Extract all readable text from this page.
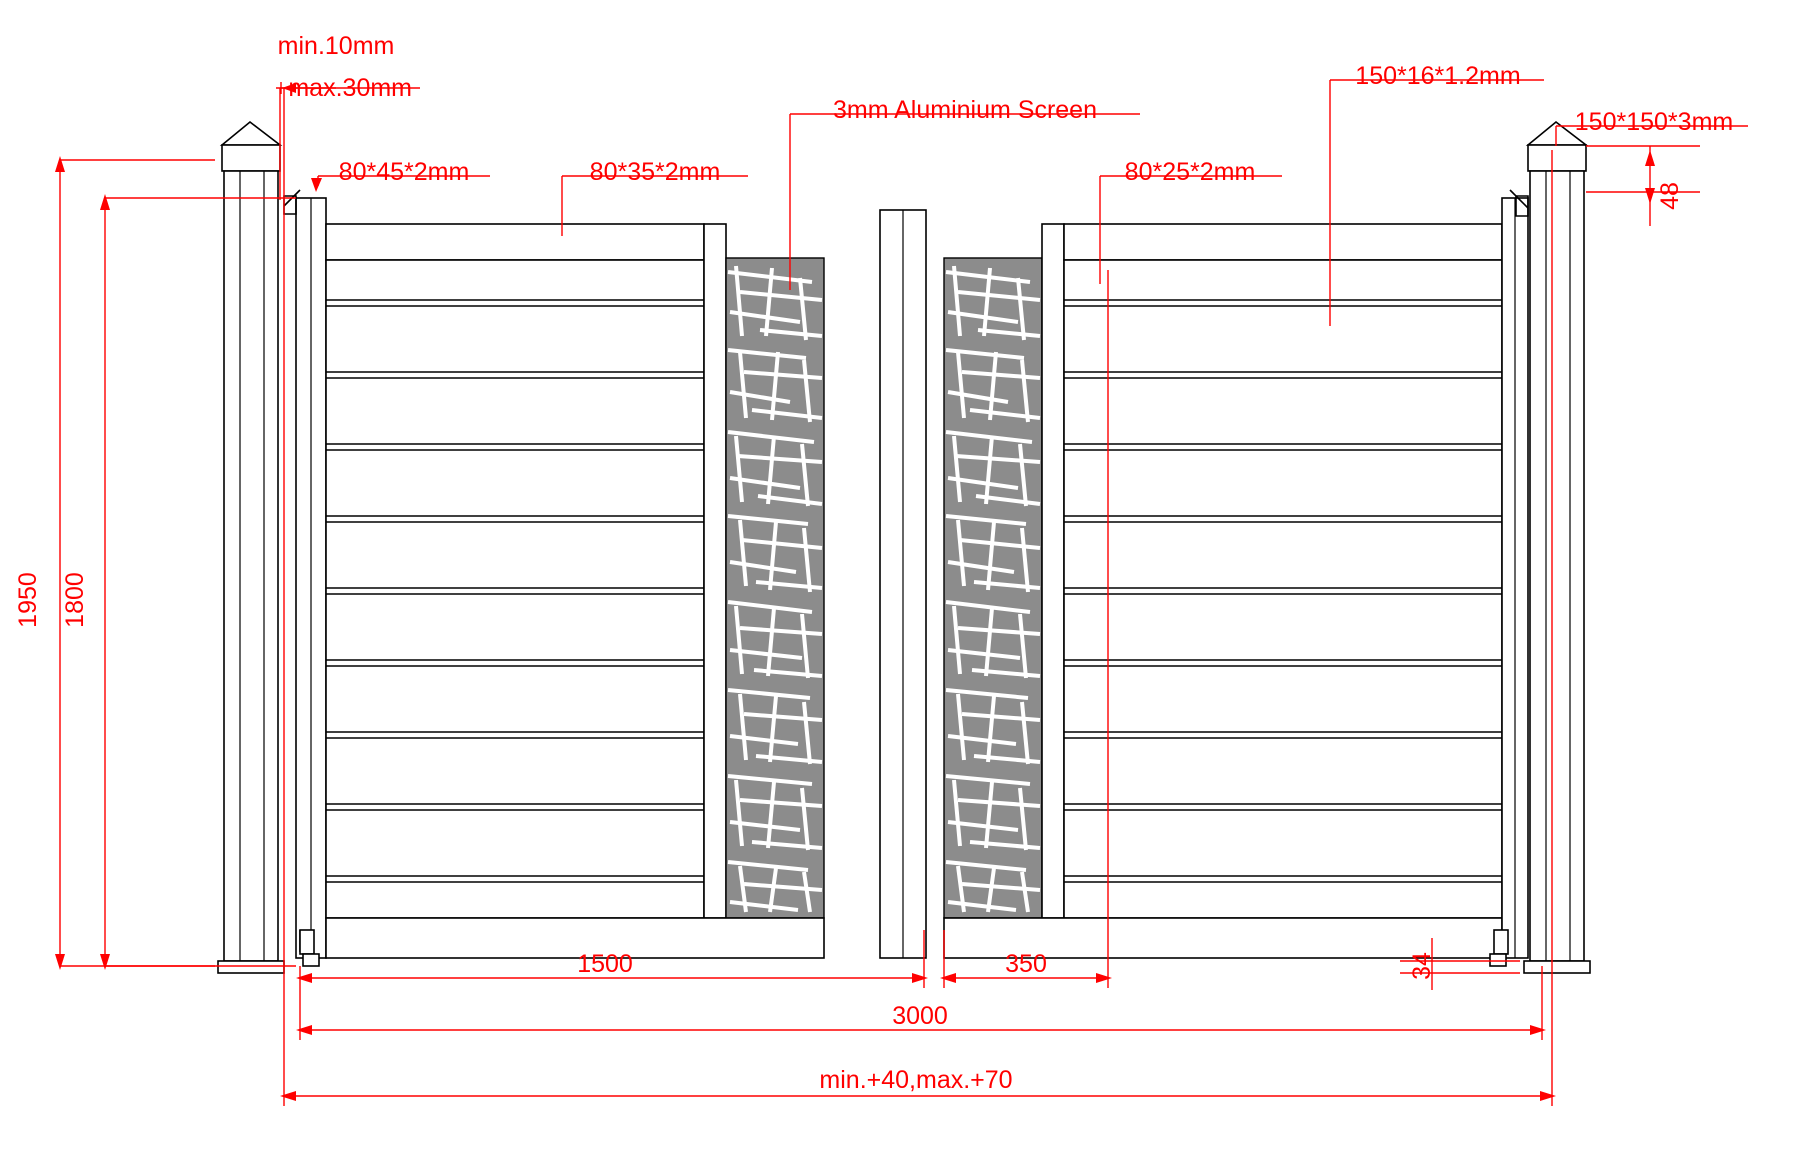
1950 1800
min.10mm
max.30mm
80*45*2mm	80*35*2mm
3mm Aluminium Screen
80*25*2mm
150*16*1.2mm
150*150*3mm
48
34
1500	350
3000
min.+40,max.+70
